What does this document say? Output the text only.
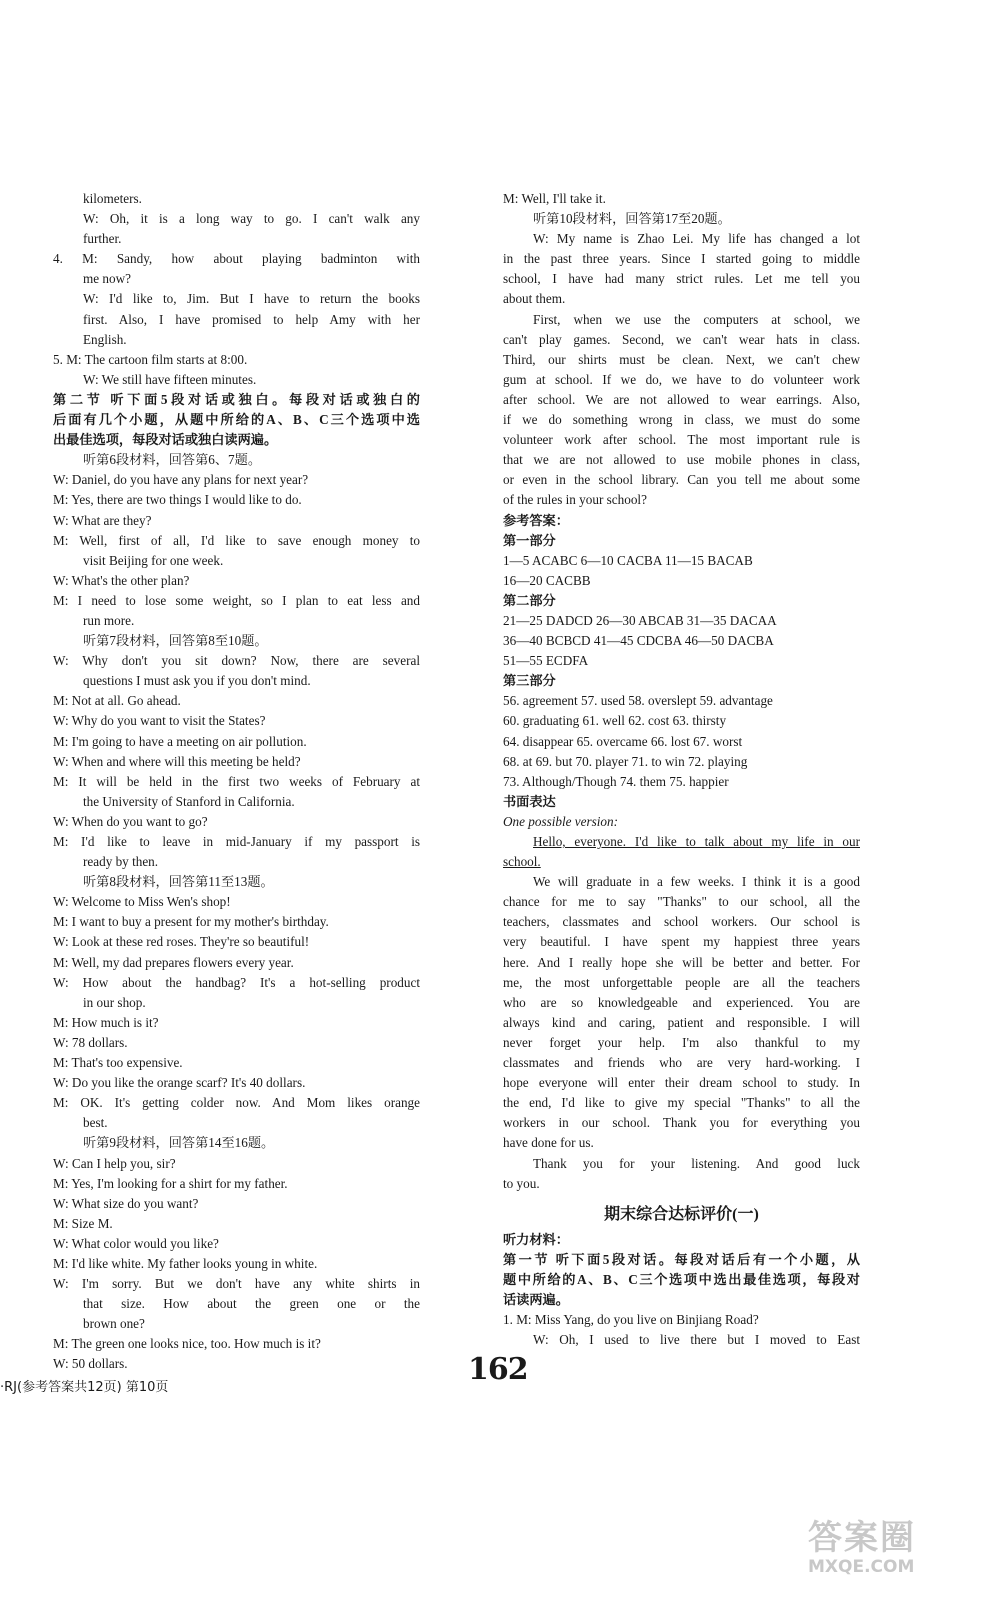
kilometers.
W: Oh, it is a long way to go. I can't walk any
further.
4. M: Sandy, how about playing badminton with
me now?
W: I'd like to, Jim. But I have to return the books
first. Also, I have promised to help Amy with her
English.
5. M: The cartoon film starts at 8:00.
W: We still have fifteen minutes.
第二节 听下面5段对话或独白。每段对话或独白的
后面有几个小题，从题中所给的A、B、C三个选项中选
出最佳选项，每段对话或独白读两遍。
听第6段材料，回答第6、7题。
W: Daniel, do you have any plans for next year?
M: Yes, there are two things I would like to do.
W: What are they?
M: Well, first of all, I'd like to save enough money to
visit Beijing for one week.
W: What's the other plan?
M: I need to lose some weight, so I plan to eat less and
run more.
听第7段材料，回答第8至10题。
W: Why don't you sit down? Now, there are several
questions I must ask you if you don't mind.
M: Not at all. Go ahead.
W: Why do you want to visit the States?
M: I'm going to have a meeting on air pollution.
W: When and where will this meeting be held?
M: It will be held in the first two weeks of February at
the University of Stanford in California.
W: When do you want to go?
M: I'd like to leave in mid-January if my passport is
ready by then.
听第8段材料，回答第11至13题。
W: Welcome to Miss Wen's shop!
M: I want to buy a present for my mother's birthday.
W: Look at these red roses. They're so beautiful!
M: Well, my dad prepares flowers every year.
W: How about the handbag? It's a hot-selling product
in our shop.
M: How much is it?
W: 78 dollars.
M: That's too expensive.
W: Do you like the orange scarf? It's 40 dollars.
M: OK. It's getting colder now. And Mom likes orange
best.
听第9段材料，回答第14至16题。
W: Can I help you, sir?
M: Yes, I'm looking for a shirt for my father.
W: What size do you want?
M: Size M.
W: What color would you like?
M: I'd like white. My father looks young in white.
W: I'm sorry. But we don't have any white shirts in
that size. How about the green one or the
brown one?
M: The green one looks nice, too. How much is it?
W: 50 dollars.
M: Well, I'll take it.
听第10段材料，回答第17至20题。
W: My name is Zhao Lei. My life has changed a lot
in the past three years. Since I started going to middle
school, I have had many strict rules. Let me tell you
about them.
First, when we use the computers at school, we
can't play games. Second, we can't wear hats in class.
Third, our shirts must be clean. Next, we can't chew
gum at school. If we do, we have to do volunteer work
after school. We are not allowed to wear earrings. Also,
if we do something wrong in class, we must do some
volunteer work after school. The most important rule is
that we are not allowed to use mobile phones in class,
or even in the school library. Can you tell me about some
of the rules in your school?
参考答案：
第一部分
1—5 ACABC 6—10 CACBA 11—15 BACAB
16—20 CACBB
第二部分
21—25 DADCD 26—30 ABCAB 31—35 DACAA
36—40 BCBCD 41—45 CDCBA 46—50 DACBA
51—55 ECDFA
第三部分
56. agreement 57. used 58. overslept 59. advantage
60. graduating 61. well 62. cost 63. thirsty
64. disappear 65. overcame 66. lost 67. worst
68. at 69. but 70. player 71. to win 72. playing
73. Although/Though 74. them 75. happier
书面表达
One possible version:
Hello, everyone. I'd like to talk about my life in our
school.
We will graduate in a few weeks. I think it is a good
chance for me to say "Thanks" to our school, all the
teachers, classmates and school workers. Our school is
very beautiful. I have spent my happiest three years
here. And I really hope she will be better and better. For
me, the most unforgettable people are all the teachers
who are so knowledgeable and experienced. You are
always kind and caring, patient and responsible. I will
never forget your help. I'm also thankful to my
classmates and friends who are very hard-working. I
hope everyone will enter their dream school to study. In
the end, I'd like to give my special "Thanks" to all the
workers in our school. Thank you for everything you
have done for us.
Thank you for your listening. And good luck
to you.
期末综合达标评价(一)
听力材料：
第一节 听下面5段对话。每段对话后有一个小题，从
题中所给的A、B、C三个选项中选出最佳选项，每段对
话读两遍。
1. M: Miss Yang, do you live on Binjiang Road?
W: Oh, I used to live there but I moved to East
·RJ(参考答案共12页) 第10页
162
答案圈
MXQE.COM
